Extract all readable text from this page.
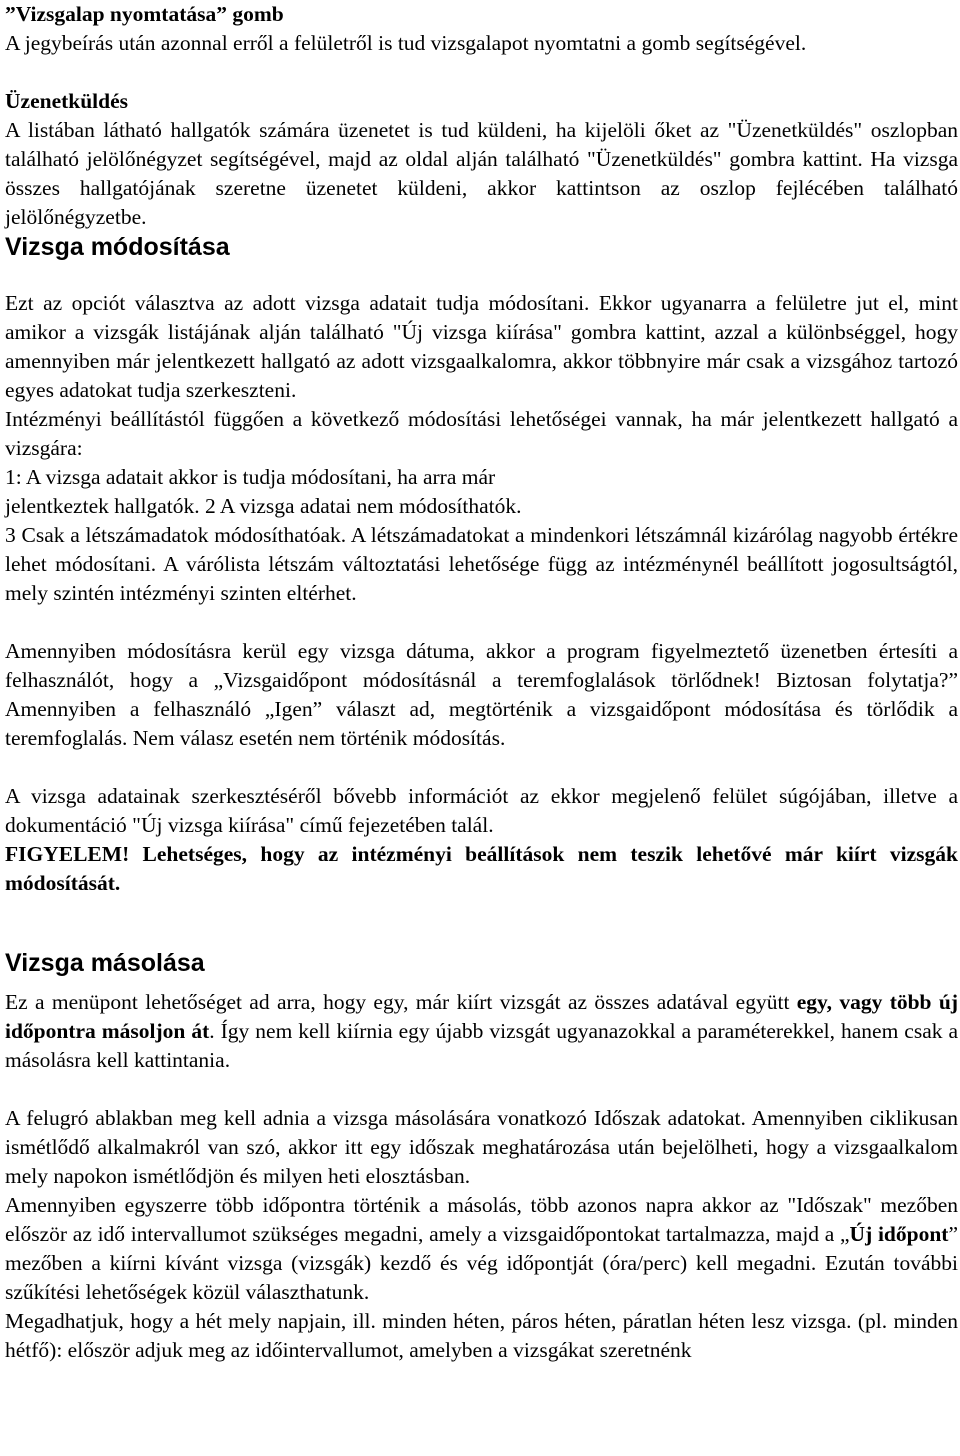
”Vizsgalap nyomtatása” gomb

A jegybeírás után azonnal erről a felületről is tud vizsgalapot nyomtatni a gomb segítségével.

Üzenetküldés

A listában látható hallgatók számára üzenetet is tud küldeni, ha kijelöli őket az "Üzenetküldés" oszlopban található jelölőnégyzet segítségével, majd az oldal alján található "Üzenetküldés" gombra kattint. Ha vizsga összes hallgatójának szeretne üzenetet küldeni, akkor kattintson az oszlop fejlécében található jelölőnégyzetbe.

Vizsga módosítása

Ezt az opciót választva az adott vizsga adatait tudja módosítani. Ekkor ugyanarra a felületre jut el, mint amikor a vizsgák listájának alján található "Új vizsga kiírása" gombra kattint, azzal a különbséggel, hogy amennyiben már jelentkezett hallgató az adott vizsgaalkalomra, akkor többnyire már csak a vizsgához tartozó egyes adatokat tudja szerkeszteni.

Intézményi beállítástól függően a következő módosítási lehetőségei vannak, ha már jelentkezett hallgató a vizsgára:

1: A vizsga adatait akkor is tudja módosítani, ha arra már

jelentkeztek hallgatók. 2 A vizsga adatai nem módosíthatók.

3 Csak a létszámadatok módosíthatóak. A létszámadatokat a mindenkori létszámnál kizárólag nagyobb értékre lehet módosítani. A várólista létszám változtatási lehetősége függ az intézménynél beállított jogosultságtól, mely szintén intézményi szinten eltérhet.

Amennyiben módosításra kerül egy vizsga dátuma, akkor a program figyelmeztető üzenetben értesíti a felhasználót, hogy a „Vizsgaidőpont módosításnál a teremfoglalások törlődnek! Biztosan folytatja?” Amennyiben a felhasználó „Igen” választ ad, megtörténik a vizsgaidőpont módosítása és törlődik a teremfoglalás. Nem válasz esetén nem történik módosítás.

A vizsga adatainak szerkesztéséről bővebb információt az ekkor megjelenő felület súgójában, illetve a dokumentáció "Új vizsga kiírása" című fejezetében talál.

FIGYELEM! Lehetséges, hogy az intézményi beállítások nem teszik lehetővé már kiírt vizsgák módosítását.

Vizsga másolása

Ez a menüpont lehetőséget ad arra, hogy egy, már kiírt vizsgát az összes adatával együtt egy, vagy több új időpontra másoljon át. Így nem kell kiírnia egy újabb vizsgát ugyanazokkal a paraméterekkel, hanem csak a másolásra kell kattintania.

A felugró ablakban meg kell adnia a vizsga másolására vonatkozó Időszak adatokat. Amennyiben ciklikusan ismétlődő alkalmakról van szó, akkor itt egy időszak meghatározása után bejelölheti, hogy a vizsgaalkalom mely napokon ismétlődjön és milyen heti elosztásban.

Amennyiben egyszerre több időpontra történik a másolás, több azonos napra akkor az "Időszak" mezőben először az idő intervallumot szükséges megadni, amely a vizsgaidőpontokat tartalmazza, majd a „Új időpont” mezőben a kiírni kívánt vizsga (vizsgák) kezdő és vég időpontját (óra/perc) kell megadni. Ezután további szűkítési lehetőségek közül választhatunk.

Megadhatjuk, hogy a hét mely napjain, ill. minden héten, páros héten, páratlan héten lesz vizsga. (pl. minden hétfő): először adjuk meg az időintervallumot, amelyben a vizsgákat szeretnénk
